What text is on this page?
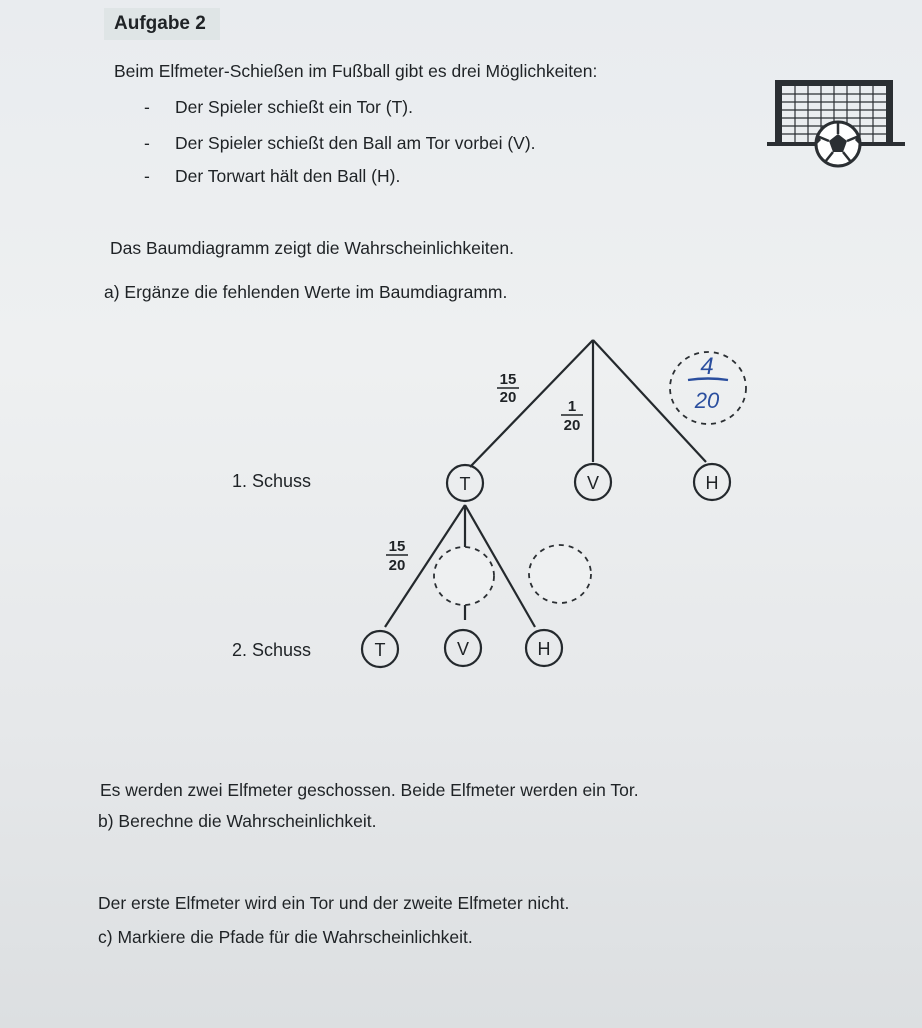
Aufgabe 2
Beim Elfmeter-Schießen im Fußball gibt es drei Möglichkeiten:
- Der Spieler schießt ein Tor (T).
- Der Spieler schießt den Ball am Tor vorbei (V).
- Der Torwart hält den Ball (H).
Das Baumdiagramm zeigt die Wahrscheinlichkeiten.
a) Ergänze die fehlenden Werte im Baumdiagramm.
1. Schuss
2. Schuss
T	V	H
15
20
1
20
4
20
15
20
T	V	H
Es werden zwei Elfmeter geschossen. Beide Elfmeter werden ein Tor.
b) Berechne die Wahrscheinlichkeit.
Der erste Elfmeter wird ein Tor und der zweite Elfmeter nicht.
c) Markiere die Pfade für die Wahrscheinlichkeit.
